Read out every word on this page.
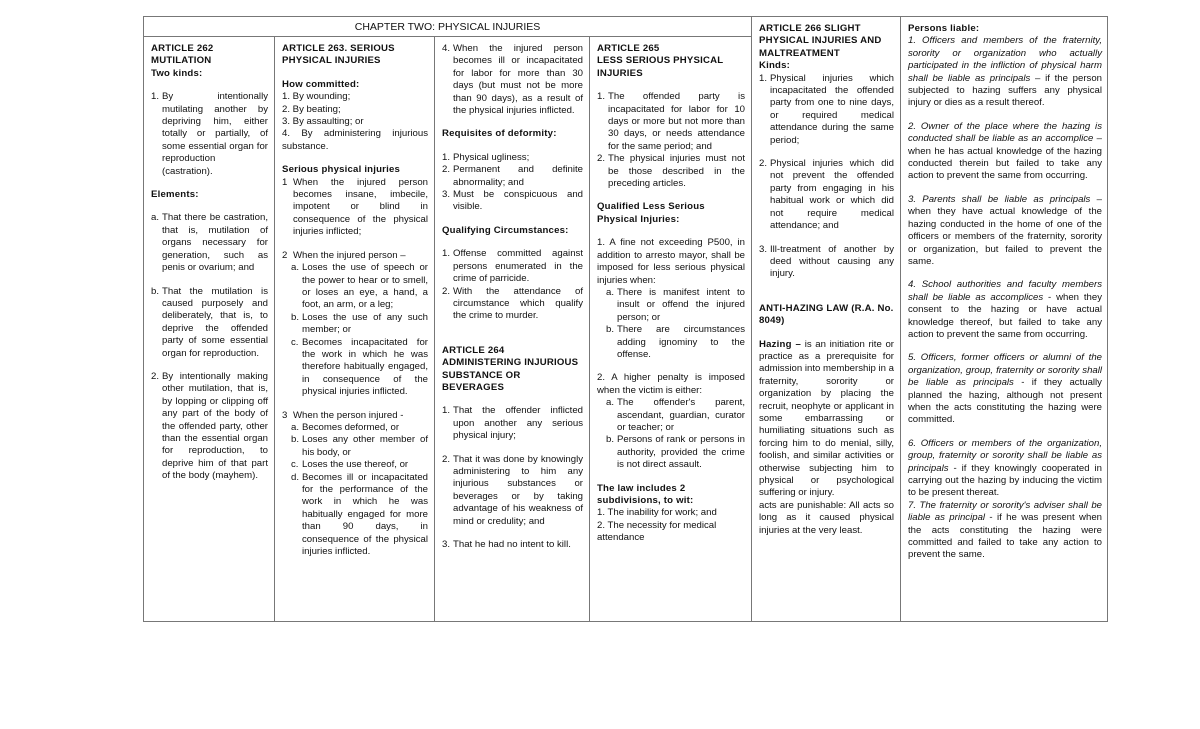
CHAPTER TWO: PHYSICAL INJURIES

ARTICLE 262

MUTILATION

Two kinds:

1. By intentionally mutilating another by depriving him, either totally or partially, of some essential organ for reproduction (castration).

Elements:

a. That there be castration, that is, mutilation of organs necessary for generation, such as penis or ovarium; and
b. That the mutilation is caused purposely and deliberately, that is, to deprive the offended party of some essential organ for reproduction.
2. By intentionally making other mutilation, that is, by lopping or clipping off any part of the body of the offended party, other than the essential organ for reproduction, to deprive him of that part of the body (mayhem).

ARTICLE 263. SERIOUS PHYSICAL INJURIES

How committed:

1. By wounding;

2. By beating;

3. By assaulting; or

4. By administering injurious substance.

Serious physical injuries

1 When the injured person becomes insane, imbecile, impotent or blind in consequence of the physical injuries inflicted;
2 When the injured person –
a. Loses the use of speech or the power to hear or to smell, or loses an eye, a hand, a foot, an arm, or a leg;
b. Loses the use of any such member; or
c. Becomes incapacitated for the work in which he was therefore habitually engaged, in consequence of the physical injuries inflicted.
3 When the person injured -
a. Becomes deformed, or
b. Loses any other member of his body, or
c. Loses the use thereof, or
d. Becomes ill or incapacitated for the performance of the work in which he was habitually engaged for more than 90 days, in consequence of the physical injuries inflicted.
4. When the injured person becomes ill or incapacitated for labor for more than 30 days (but must not be more than 90 days), as a result of the physical injuries inflicted.

Requisites of deformity:

1. Physical ugliness;
2. Permanent and definite abnormality; and
3. Must be conspicuous and visible.

Qualifying Circumstances:

1. Offense committed against persons enumerated in the crime of parricide.
2. With the attendance of circumstance which qualify the crime to murder.

ARTICLE 264

ADMINISTERING INJURIOUS SUBSTANCE OR BEVERAGES

1. That the offender inflicted upon another any serious physical injury;
2. That it was done by knowingly administering to him any injurious substances or beverages or by taking advantage of his weakness of mind or credulity; and
3. That he had no intent to kill.

ARTICLE 265

LESS SERIOUS PHYSICAL INJURIES

1. The offended party is incapacitated for labor for 10 days or more but not more than 30 days, or needs attendance for the same period; and
2. The physical injuries must not be those described in the preceding articles.

Qualified Less Serious Physical Injuries:

1. A fine not exceeding P500, in addition to arresto mayor, shall be imposed for less serious physical injuries when:

a. There is manifest intent to insult or offend the injured person; or
b. There are circumstances adding ignominy to the offense.

2. A higher penalty is imposed when the victim is either:

a. The offender's parent, ascendant, guardian, curator or teacher; or
b. Persons of rank or persons in authority, provided the crime is not direct assault.

The law includes 2 subdivisions, to wit:

1. The inability for work; and

2. The necessity for medical attendance

ARTICLE 266 SLIGHT PHYSICAL INJURIES AND MALTREATMENT

Kinds:

1. Physical injuries which incapacitated the offended party from one to nine days, or required medical attendance during the same period;
2. Physical injuries which did not prevent the offended party from engaging in his habitual work or which did not require medical attendance; and
3. Ill-treatment of another by deed without causing any injury.

ANTI-HAZING LAW (R.A. No. 8049)

Hazing – is an initiation rite or practice as a prerequisite for admission into membership in a fraternity, sorority or organization by placing the recruit, neophyte or applicant in some embarrassing or humiliating situations such as forcing him to do menial, silly, foolish, and similar activities or otherwise subjecting him to physical or psychological suffering or injury.

acts are punishable: All acts so long as it caused physical injuries at the very least.

Persons liable:

1. Officers and members of the fraternity, sorority or organization who actually participated in the infliction of physical harm shall be liable as principals – if the person subjected to hazing suffers any physical injury or dies as a result thereof.

2. Owner of the place where the hazing is conducted shall be liable as an accomplice – when he has actual knowledge of the hazing conducted therein but failed to take any action to prevent the same from occurring.

3. Parents shall be liable as principals – when they have actual knowledge of the hazing conducted in the home of one of the officers or members of the fraternity, sorority or organization, but failed to prevent the same.

4. School authorities and faculty members shall be liable as accomplices - when they consent to the hazing or have actual knowledge thereof, but failed to take any action to prevent the same from occurring.

5. Officers, former officers or alumni of the organization, group, fraternity or sorority shall be liable as principals - if they actually planned the hazing, although not present when the acts constituting the hazing were committed.

6. Officers or members of the organization, group, fraternity or sorority shall be liable as principals - if they knowingly cooperated in carrying out the hazing by inducing the victim to be present thereat.

7. The fraternity or sorority's adviser shall be liable as principal - if he was present when the acts constituting the hazing were committed and failed to take any action to prevent the same.
